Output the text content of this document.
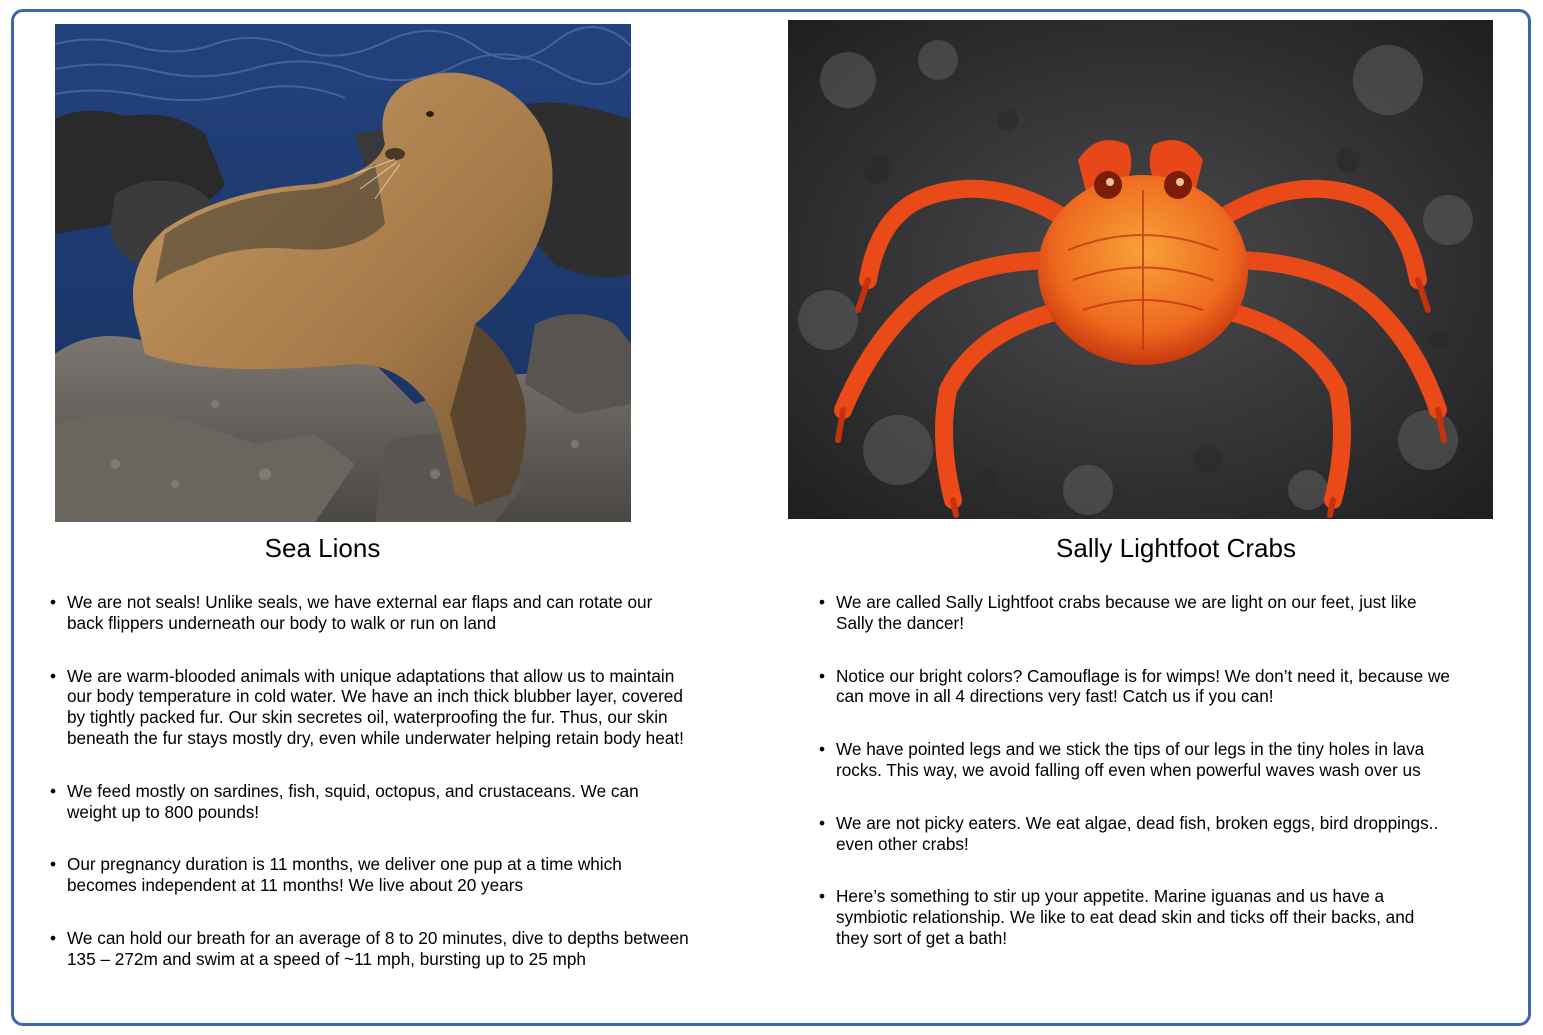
Sea Lions	Sally Lightfoot Crabs
• We are not seals! Unlike seals, we have external ear flaps and can rotate our back flippers underneath our body to walk or run on land
• We are warm-blooded animals with unique adaptations that allow us to maintain our body temperature in cold water. We have an inch thick blubber layer, covered by tightly packed fur. Our skin secretes oil, waterproofing the fur. Thus, our skin beneath the fur stays mostly dry, even while underwater helping retain body heat!
• We feed mostly on sardines, fish, squid, octopus, and crustaceans. We can weight up to 800 pounds!
• Our pregnancy duration is 11 months, we deliver one pup at a time which becomes independent at 11 months! We live about 20 years
• We can hold our breath for an average of 8 to 20 minutes, dive to depths between 135 – 272m and swim at a speed of ~11 mph, bursting up to 25 mph
• We are called Sally Lightfoot crabs because we are light on our feet, just like Sally the dancer!
• Notice our bright colors? Camouflage is for wimps! We don’t need it, because we can move in all 4 directions very fast! Catch us if you can!
• We have pointed legs and we stick the tips of our legs in the tiny holes in lava rocks. This way, we avoid falling off even when powerful waves wash over us
• We are not picky eaters. We eat algae, dead fish, broken eggs, bird droppings.. even other crabs!
• Here’s something to stir up your appetite. Marine iguanas and us have a symbiotic relationship. We like to eat dead skin and ticks off their backs, and they sort of get a bath!
